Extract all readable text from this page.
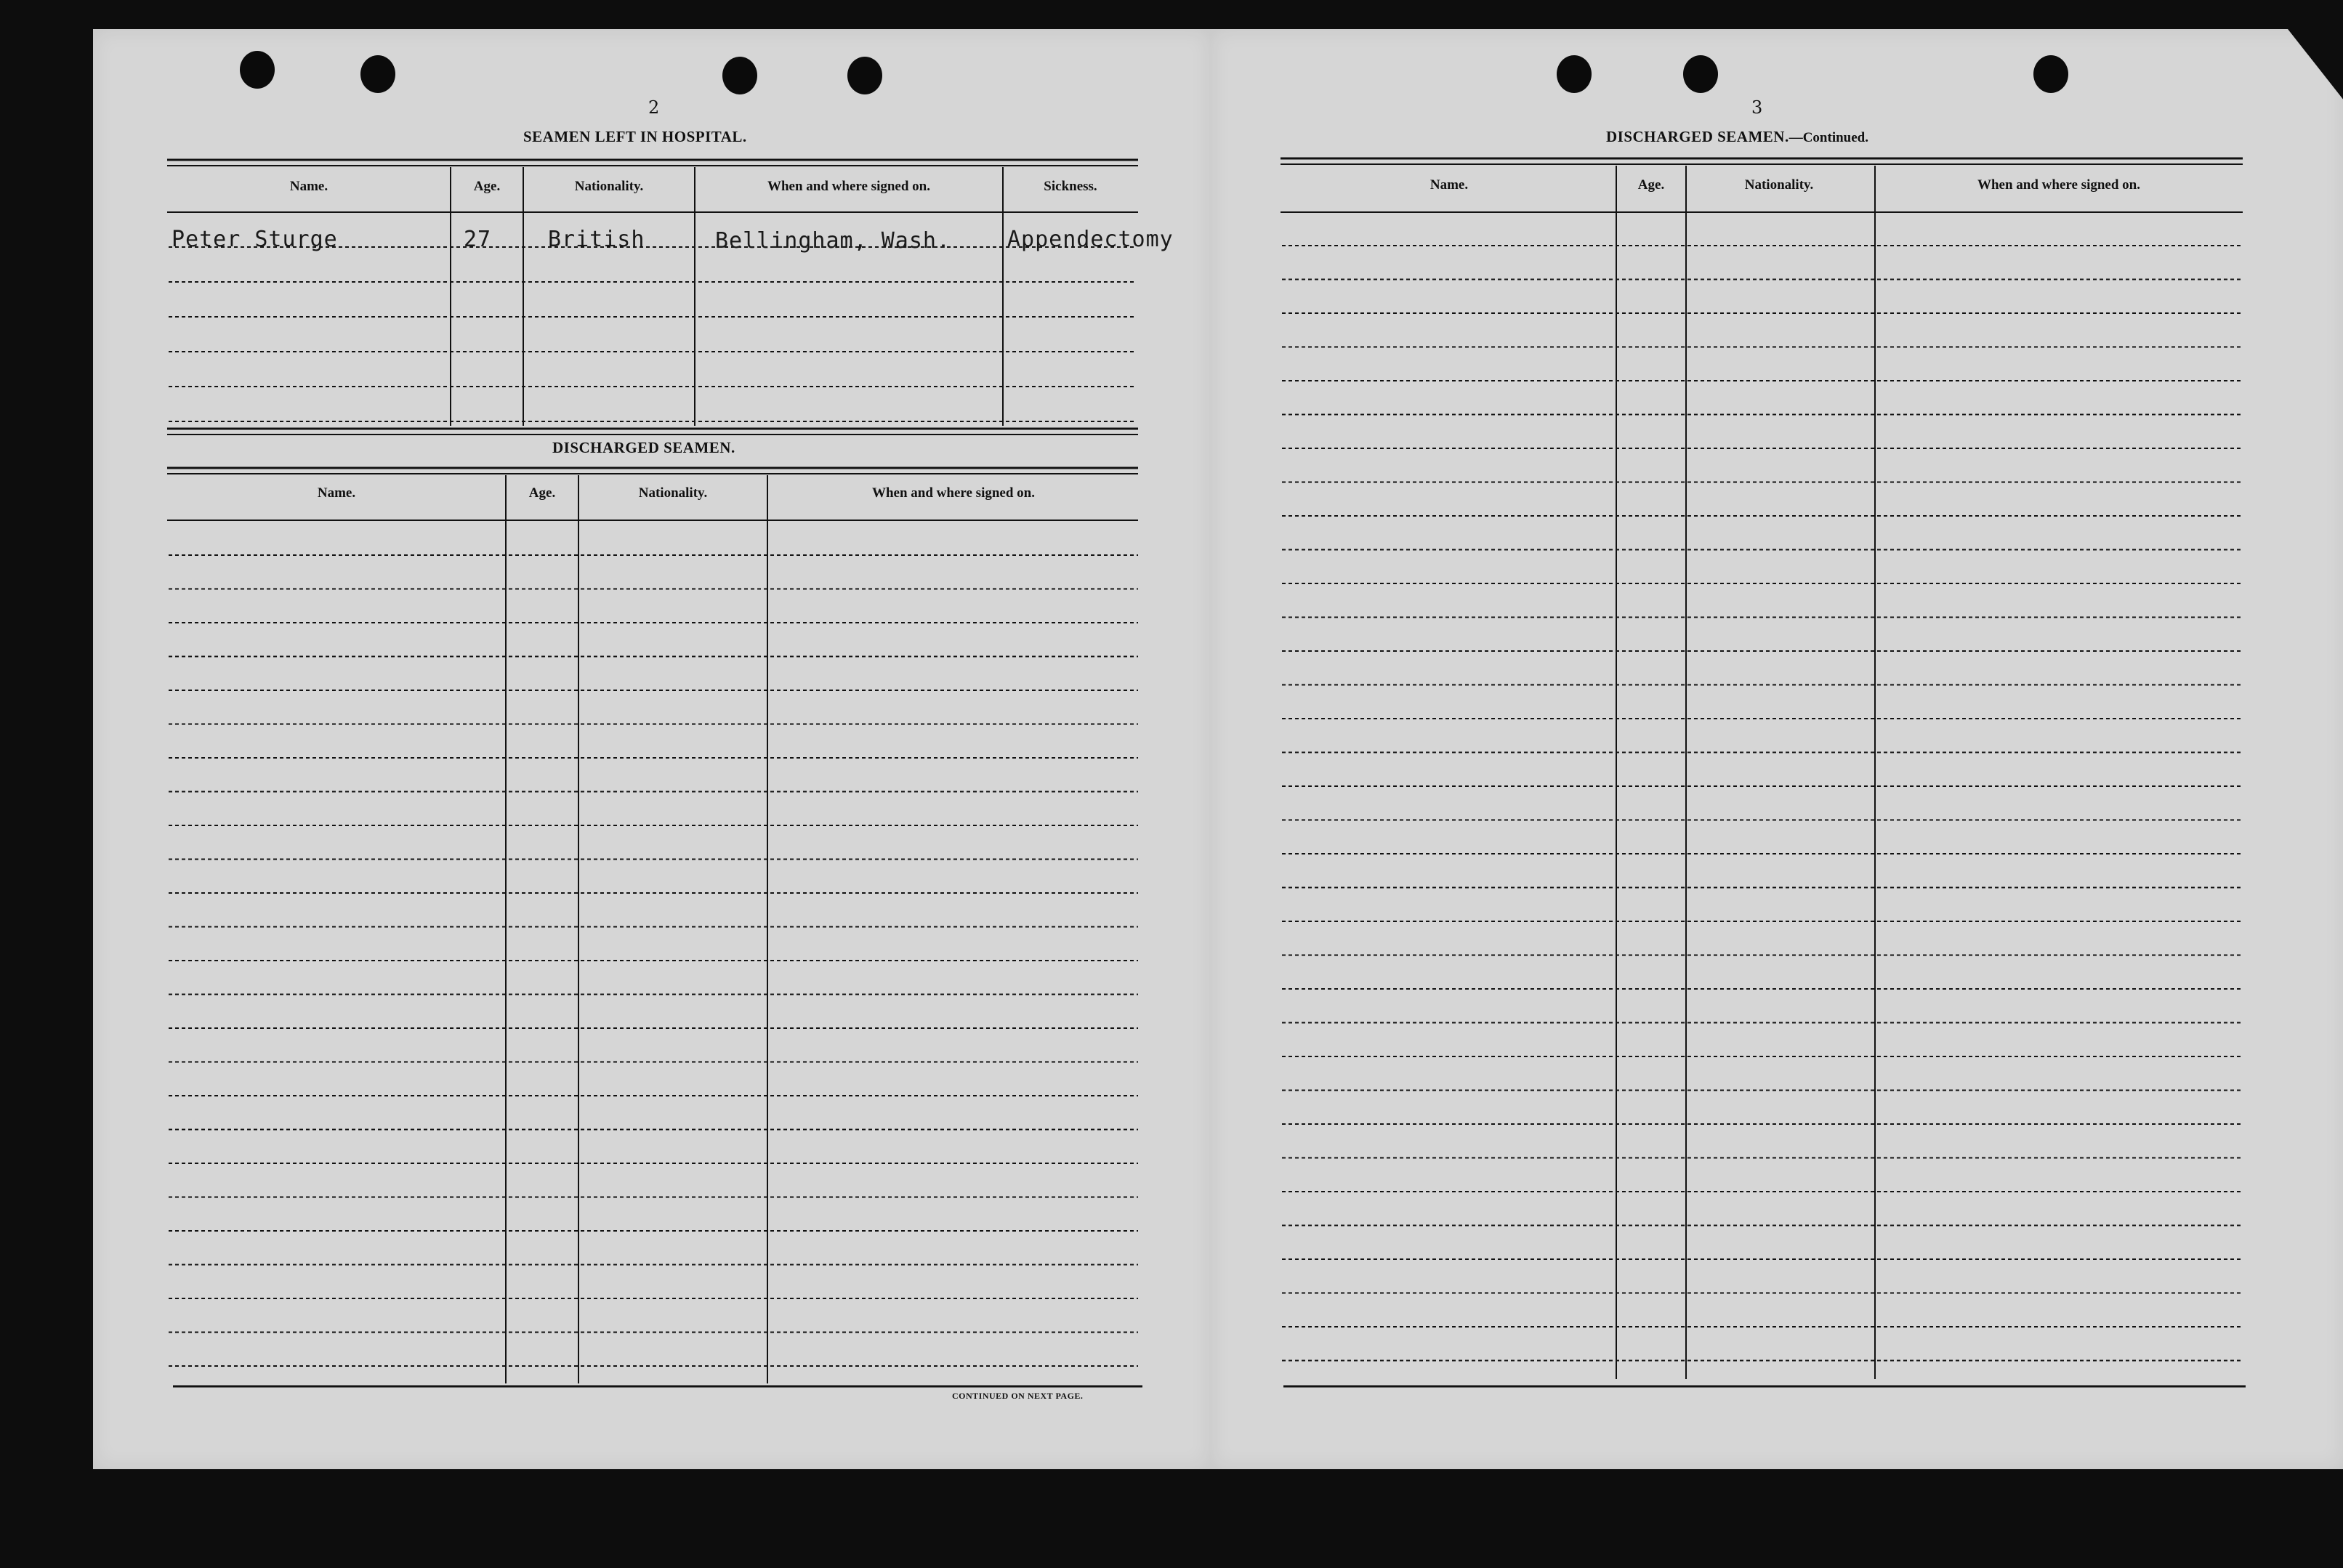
2
SEAMEN LEFT IN HOSPITAL.
Name.	Age.	Nationality.	When and where signed on.	Sickness.
Peter Sturge	27	British	Bellingham, Wash.	Appendectomy
DISCHARGED SEAMEN.
Name.	Age.	Nationality.	When and where signed on.
CONTINUED ON NEXT PAGE.
3
DISCHARGED SEAMEN.—Continued.
Name.	Age.	Nationality.	When and where signed on.
